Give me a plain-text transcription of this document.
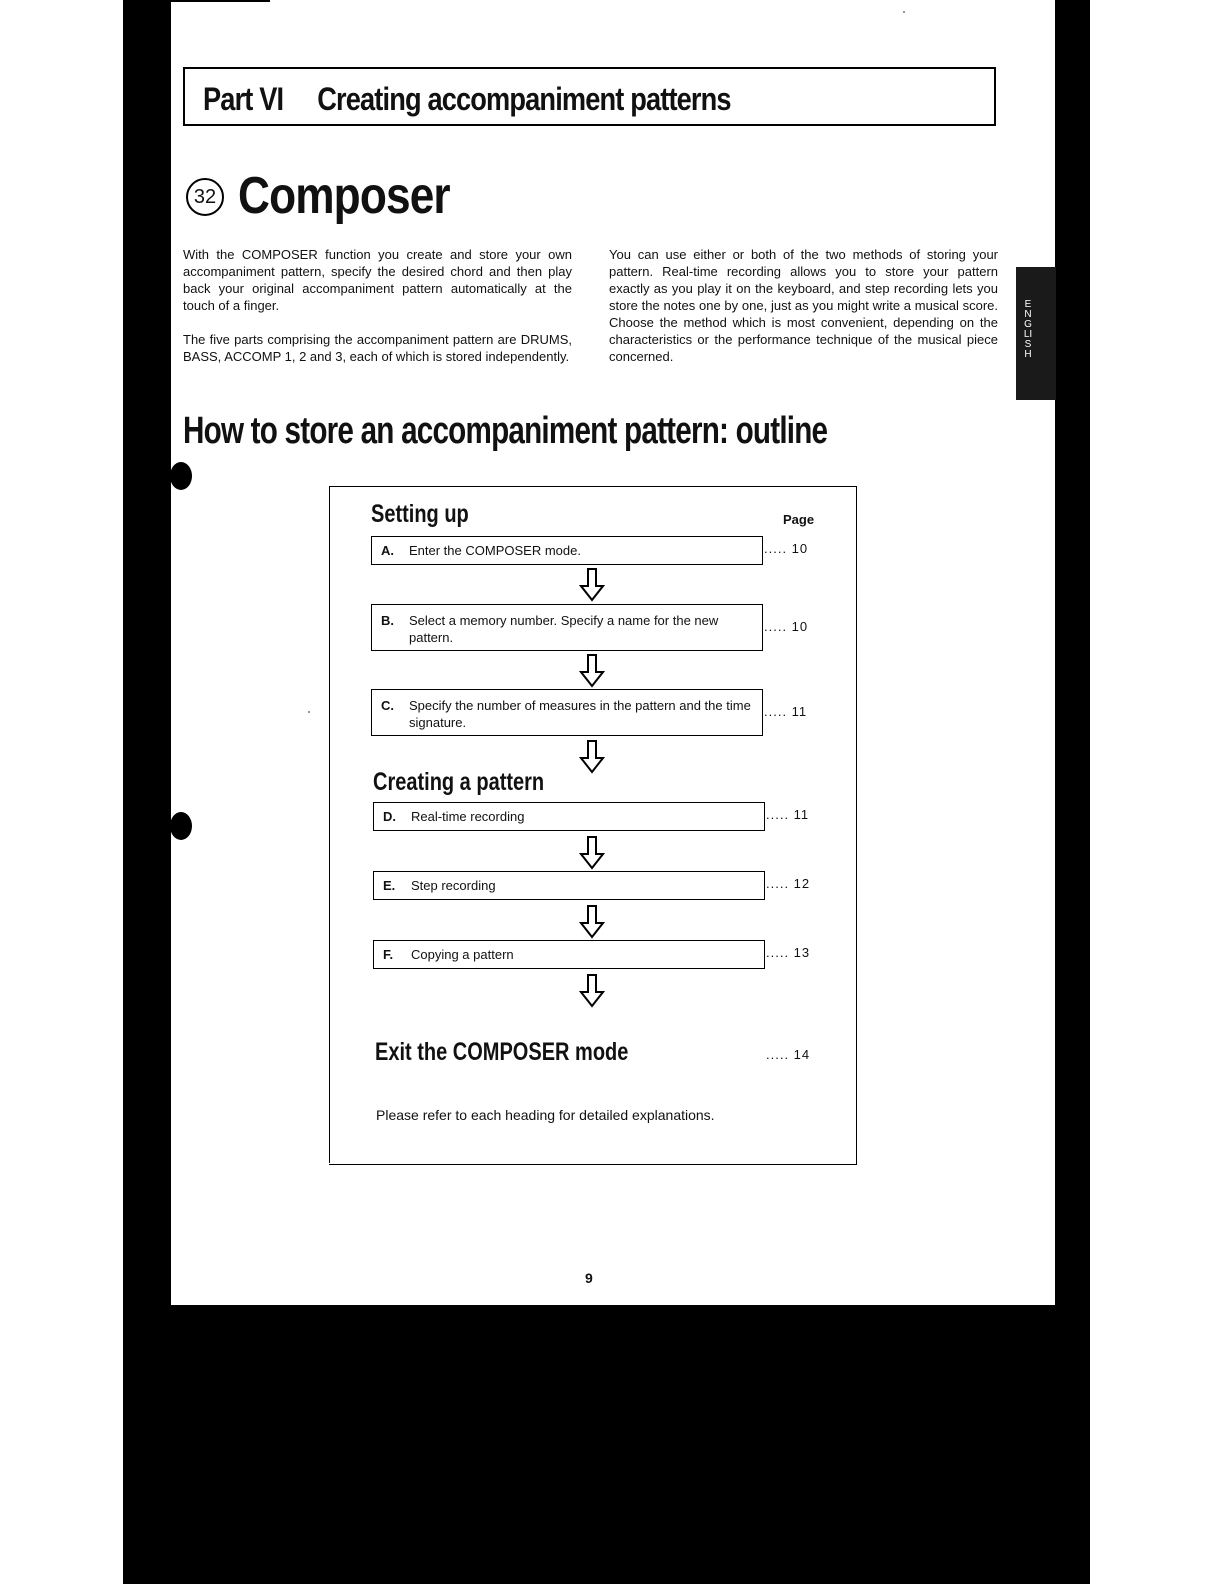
ENGLISH
Part VI Creating accompaniment patterns
32 Composer
With the COMPOSER function you create and store your own accompaniment pattern, specify the desired chord and then play back your original accompaniment pattern automatically at the touch of a finger.
The five parts comprising the accompaniment pattern are DRUMS, BASS, ACCOMP 1, 2 and 3, each of which is stored independently.
You can use either or both of the two methods of storing your pattern. Real-time recording allows you to store your pattern exactly as you play it on the keyboard, and step recording lets you store the notes one by one, just as you might write a musical score. Choose the method which is most convenient, depending on the characteristics or the performance technique of the musical piece concerned.
How to store an accompaniment pattern: outline
Setting up	Page
A. Enter the COMPOSER mode.	..... 10
B. Select a memory number. Specify a name for the new pattern.
..... 10
C. Specify the number of measures in the pattern and the time signature.
..... 11
Creating a pattern
D. Real-time recording	..... 11
E. Step recording	..... 12
F. Copying a pattern	..... 13
Exit the COMPOSER mode	..... 14
Please refer to each heading for detailed explanations.
9
